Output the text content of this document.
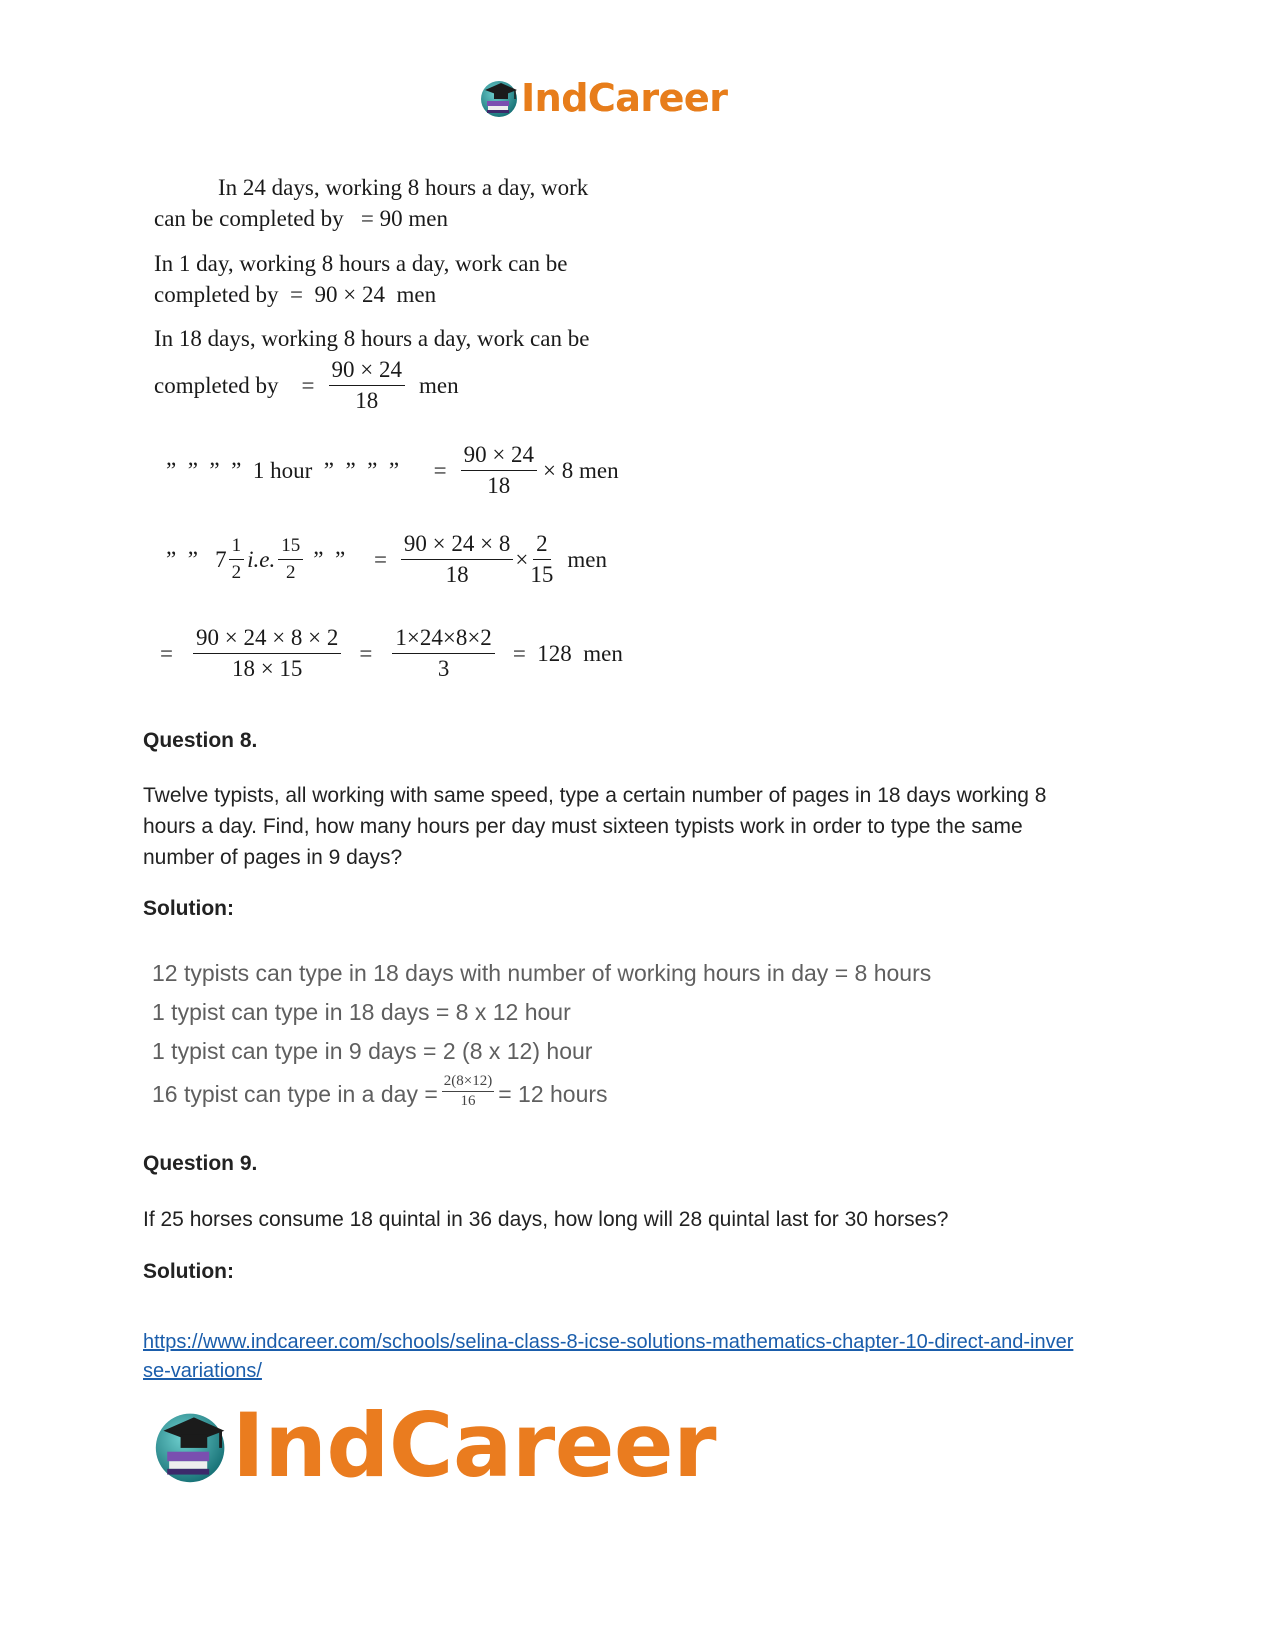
IndCareer
In 24 days, working 8 hours a day, work
can be completed by   = 90 men
In 1 day, working 8 hours a day, work can be
completed by  =  90 × 24  men
In 18 days, working 8 hours a day, work can be
completed by    = $\frac{90 \times 24}{18}$ men
”  ”  ”  ”  1 hour  ”  ”  ”  ”      = $\frac{90 \times 24}{18} \times 8$ men
”  ”   $7 \frac{1}{2} i.e$. $\frac{15}{2}$ ”  ”     = $\frac{90 \times 24 \times 8}{18} \times \frac{2}{15}$ men
= $\frac{90 \times 24 \times 8 \times 2}{18 \times 15} = \frac{1\times 24\times 8\times 2}{3} = 128$  men
Question 8.
Twelve typists, all working with same speed, type a certain number of pages in 18 days working 8 hours a day. Find, how many hours per day must sixteen typists work in order to type the same number of pages in 9 days?
Solution:
12 typists can type in 18 days with number of working hours in day = 8 hours
1 typist can type in 18 days = 8 x 12 hour
1 typist can type in 9 days = 2 (8 x 12) hour
16 typist can type in a day = $\frac{2(8\times 12)}{16} = 12$ hours
Question 9.
If 25 horses consume 18 quintal in 36 days, how long will 28 quintal last for 30 horses?
Solution:
https://www.indcareer.com/schools/selina-class-8-icse-solutions-mathematics-chapter-10-direct-and-inverse-variations/
IndCareer
